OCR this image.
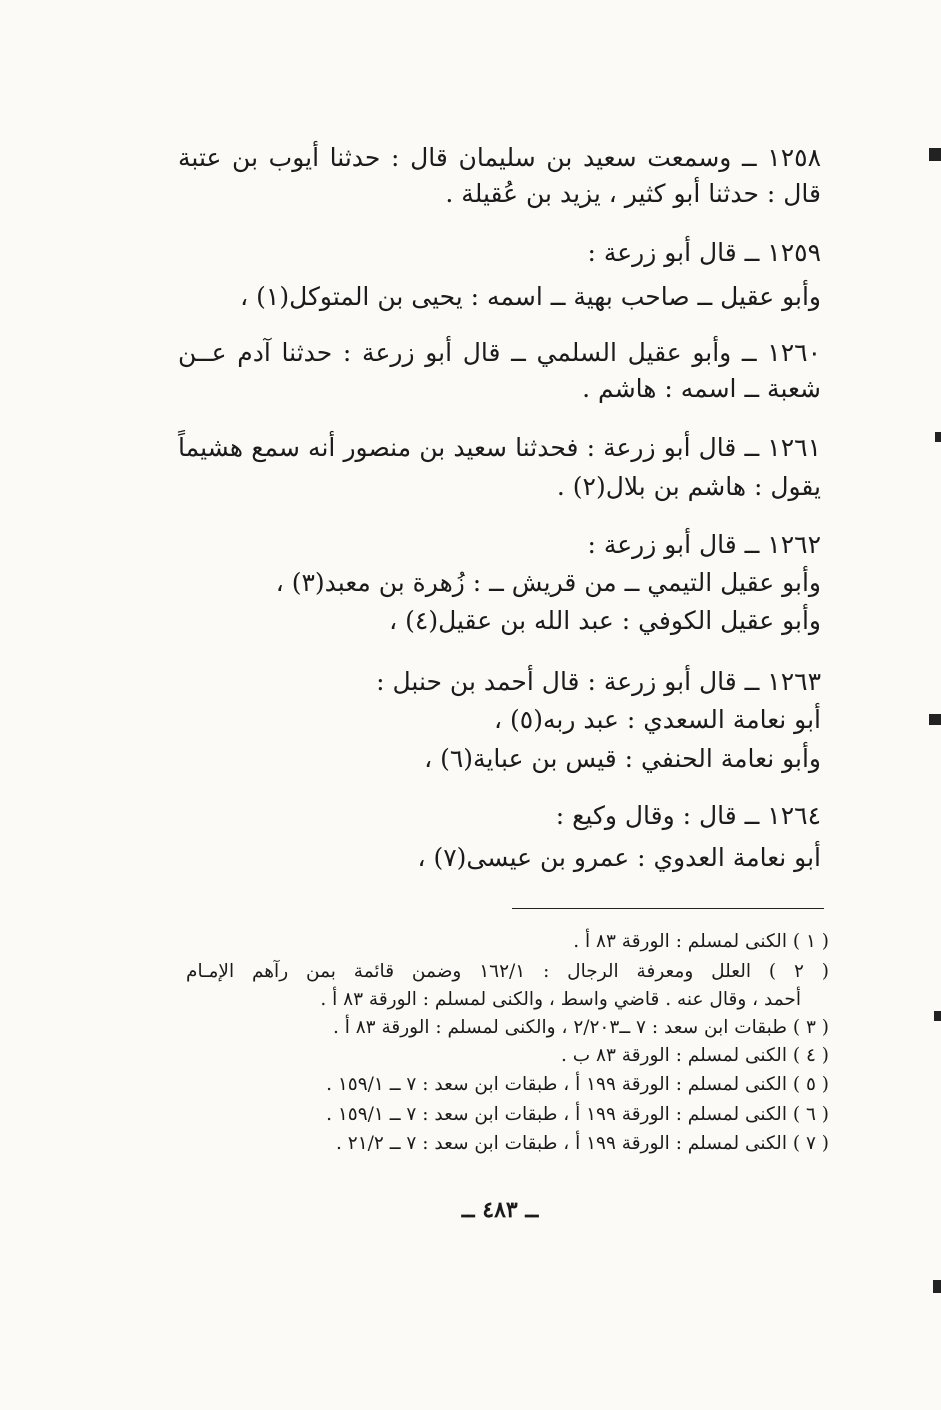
١٢٥٨ ــ وسمعت سعيد بن سليمان قال : حدثنا أيوب بن عتبة
قال : حدثنا أبو كثير ، يزيد بن عُقيلة .
١٢٥٩ ــ قال أبو زرعة :
وأبو عقيل ــ صاحب بهية ــ اسمه : يحيى بن المتوكل(١) ،
١٢٦٠ ــ وأبو عقيل السلمي ــ قال أبو زرعة : حدثنا آدم عــن
شعبة ــ اسمه : هاشم .
١٢٦١ ــ قال أبو زرعة : فحدثنا سعيد بن منصور أنه سمع هشيماً
يقول : هاشم بن بلال(٢) .
١٢٦٢ ــ قال أبو زرعة :
وأبو عقيل التيمي ــ من قريش ــ : زُهرة بن معبد(٣) ،
وأبو عقيل الكوفي : عبد الله بن عقيل(٤) ،
١٢٦٣ ــ قال أبو زرعة : قال أحمد بن حنبل :
أبو نعامة السعدي : عبد ربه(٥) ،
وأبو نعامة الحنفي : قيس بن عباية(٦) ،
١٢٦٤ ــ قال : وقال وكيع :
أبو نعامة العدوي : عمرو بن عيسى(٧) ،
( ١ ) الكنى لمسلم : الورقة ٨٣ أ .
( ٢ ) العلل ومعرفة الرجال : ١٦٢/١ وضمن قائمة بمن رآهم الإمـام
أحمد ، وقال عنه . قاضي واسط ، والكنى لمسلم : الورقة ٨٣ أ .
( ٣ ) طبقات ابن سعد : ٧ ــ٢/٢٠٣ ، والكنى لمسلم : الورقة ٨٣ أ .
( ٤ ) الكنى لمسلم : الورقة ٨٣ ب .
( ٥ ) الكنى لمسلم : الورقة ١٩٩ أ ، طبقات ابن سعد : ٧ ــ ١٥٩/١ .
( ٦ ) الكنى لمسلم : الورقة ١٩٩ أ ، طبقات ابن سعد : ٧ ــ ١٥٩/١ .
( ٧ ) الكنى لمسلم : الورقة ١٩٩ أ ، طبقات ابن سعد : ٧ ــ ٢١/٢ .
ــ ٤٨٣ ــ
